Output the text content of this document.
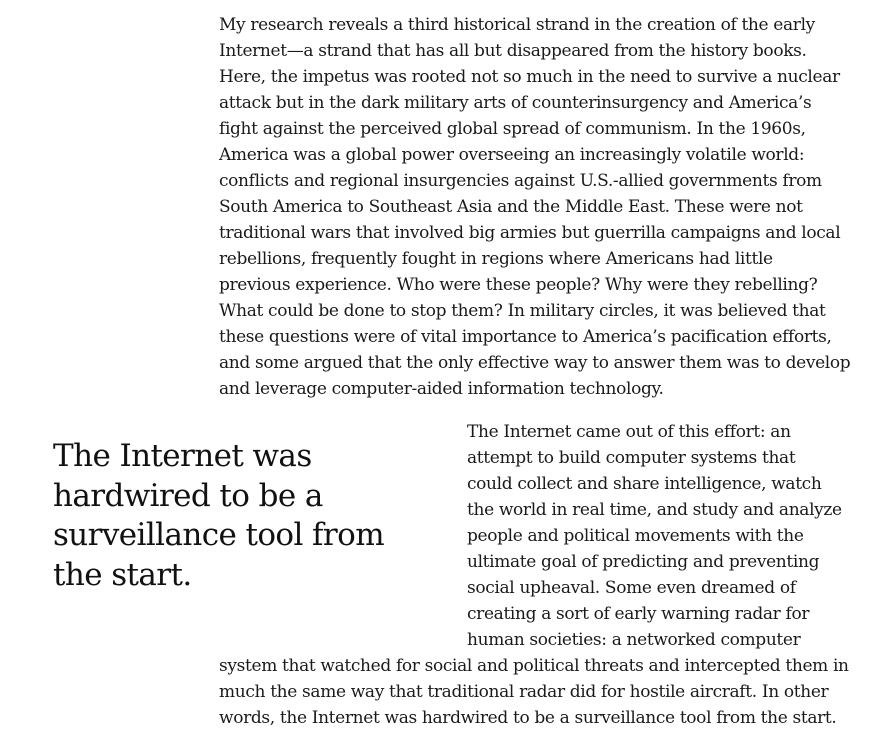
My research reveals a third historical strand in the creation of the early
Internet—a strand that has all but disappeared from the history books.
Here, the impetus was rooted not so much in the need to survive a nuclear
attack but in the dark military arts of counterinsurgency and America’s
fight against the perceived global spread of communism. In the 1960s,
America was a global power overseeing an increasingly volatile world:
conflicts and regional insurgencies against U.S.-allied governments from
South America to Southeast Asia and the Middle East. These were not
traditional wars that involved big armies but guerrilla campaigns and local
rebellions, frequently fought in regions where Americans had little
previous experience. Who were these people? Why were they rebelling?
What could be done to stop them? In military circles, it was believed that
these questions were of vital importance to America’s pacification efforts,
and some argued that the only effective way to answer them was to develop
and leverage computer-aided information technology.
The Internet was
hardwired to be a
surveillance tool from
the start.
The Internet came out of this effort: an
attempt to build computer systems that
could collect and share intelligence, watch
the world in real time, and study and analyze
people and political movements with the
ultimate goal of predicting and preventing
social upheaval. Some even dreamed of
creating a sort of early warning radar for
human societies: a networked computer
system that watched for social and political threats and intercepted them in
much the same way that traditional radar did for hostile aircraft. In other
words, the Internet was hardwired to be a surveillance tool from the start.
